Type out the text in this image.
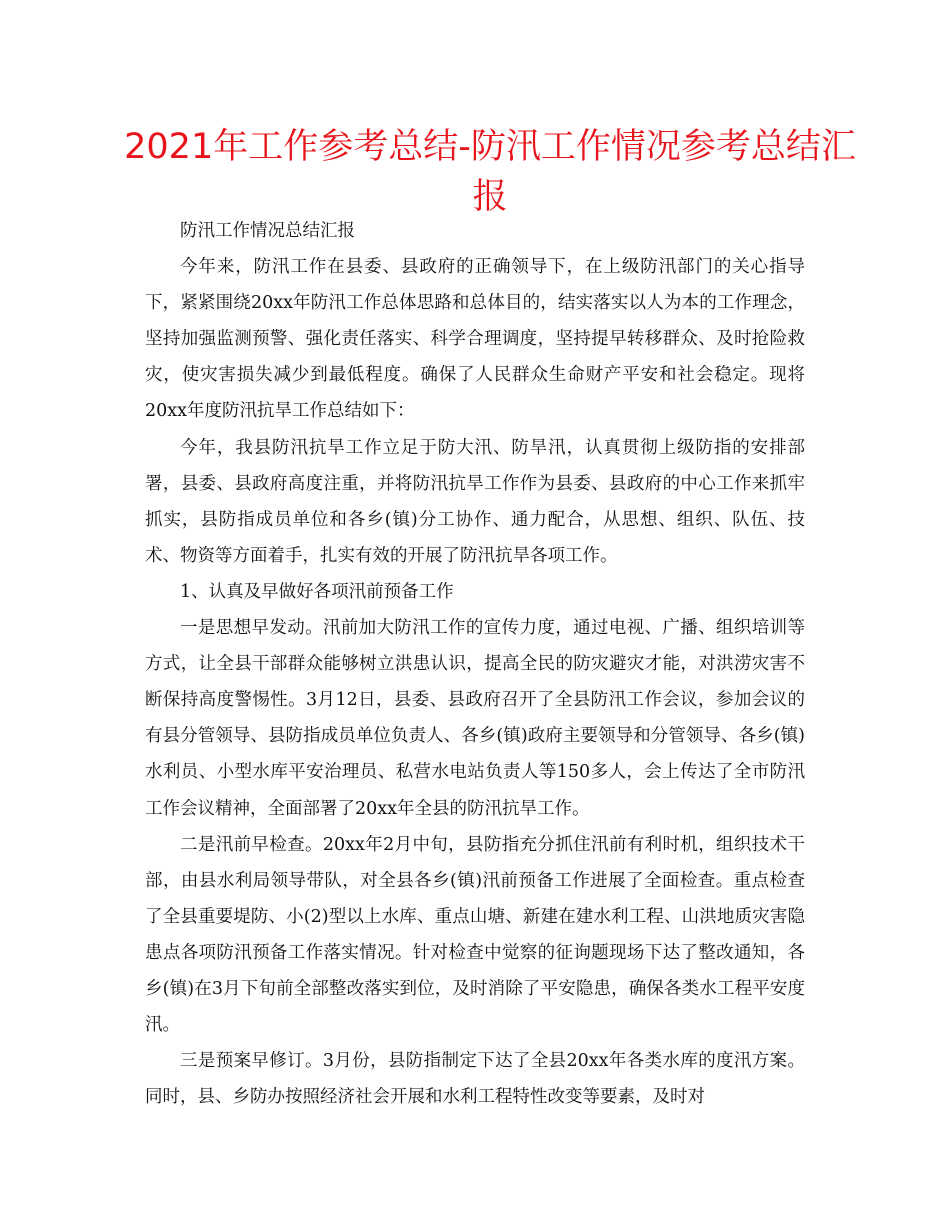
2021年工作参考总结-防汛工作情况参考总结汇报

防汛工作情况总结汇报

今年来，防汛工作在县委、县政府的正确领导下，在上级防汛部门的关心指导下，紧紧围绕20xx年防汛工作总体思路和总体目的，结实落实以人为本的工作理念，坚持加强监测预警、强化责任落实、科学合理调度，坚持提早转移群众、及时抢险救灾，使灾害损失减少到最低程度。确保了人民群众生命财产平安和社会稳定。现将20xx年度防汛抗旱工作总结如下：

今年，我县防汛抗旱工作立足于防大汛、防旱汛，认真贯彻上级防指的安排部署，县委、县政府高度注重，并将防汛抗旱工作作为县委、县政府的中心工作来抓牢抓实，县防指成员单位和各乡(镇)分工协作、通力配合，从思想、组织、队伍、技术、物资等方面着手，扎实有效的开展了防汛抗旱各项工作。

1、认真及早做好各项汛前预备工作

一是思想早发动。汛前加大防汛工作的宣传力度，通过电视、广播、组织培训等方式，让全县干部群众能够树立洪患认识，提高全民的防灾避灾才能，对洪涝灾害不断保持高度警惕性。3月12日，县委、县政府召开了全县防汛工作会议，参加会议的有县分管领导、县防指成员单位负责人、各乡(镇)政府主要领导和分管领导、各乡(镇)水利员、小型水库平安治理员、私营水电站负责人等150多人，会上传达了全市防汛工作会议精神，全面部署了20xx年全县的防汛抗旱工作。

二是汛前早检查。20xx年2月中旬，县防指充分抓住汛前有利时机，组织技术干部，由县水利局领导带队，对全县各乡(镇)汛前预备工作进展了全面检查。重点检查了全县重要堤防、小(2)型以上水库、重点山塘、新建在建水利工程、山洪地质灾害隐患点各项防汛预备工作落实情况。针对检查中觉察的征询题现场下达了整改通知，各乡(镇)在3月下旬前全部整改落实到位，及时消除了平安隐患，确保各类水工程平安度汛。

三是预案早修订。3月份，县防指制定下达了全县20xx年各类水库的度汛方案。同时，县、乡防办按照经济社会开展和水利工程特性改变等要素，及时对
